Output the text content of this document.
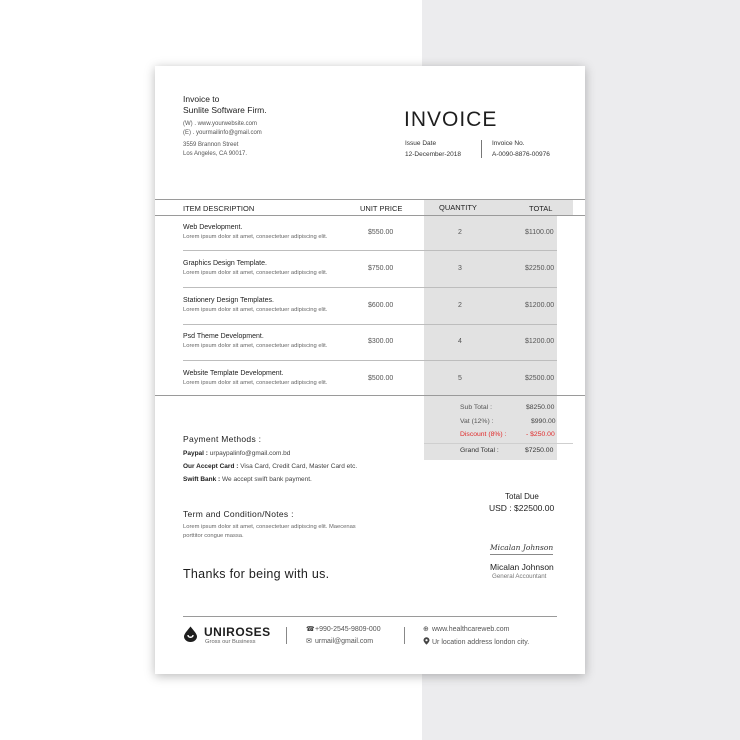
Invoice to
Sunlite Software Firm.
(W) . www.yourwebsite.com
(E) . yourmailinfo@gmail.com
3559 Brannon Street
Los Angeles, CA 90017.
INVOICE
Issue Date
12-December-2018
Invoice No.
A-0090-8876-00976
ITEM DESCRIPTION	UNIT PRICE	QUANTITY	TOTAL
Web Development.
Lorem ipsum dolor sit amet, consectetuer adipiscing elit.
$550.00	2	$1100.00
Graphics Design Template.
Lorem ipsum dolor sit amet, consectetuer adipiscing elit.
$750.00	3	$2250.00
Stationery Design Templates.
Lorem ipsum dolor sit amet, consectetuer adipiscing elit.
$600.00	2	$1200.00
Psd Theme Development.
Lorem ipsum dolor sit amet, consectetuer adipiscing elit.
$300.00	4	$1200.00
Website Template Development.
Lorem ipsum dolor sit amet, consectetuer adipiscing elit.
$500.00	5	$2500.00
Sub Total :	$8250.00
Vat (12%) :	$990.00
Discount (8%) :	- $250.00
Grand Total :	$7250.00
Payment Methods :
Paypal : urpaypalinfo@gmail.com.bd
Our Accept Card : Visa Card, Credit Card, Master Card etc.
Swift Bank : We accept swift bank payment.
Total Due
USD : $22500.00
Term and Condition/Notes :
Lorem ipsum dolor sit amet, consectetuer adipiscing elit. Maecenas
porttitor congue massa.
Micalan Johnson
Micalan Johnson
General Accountant
Thanks for being with us.
UNIROSES
Gross our Business
☎+990-2545-9809-000
✉ urmail@gmail.com
⊕ www.healthcareweb.com
Ur location address london city.
